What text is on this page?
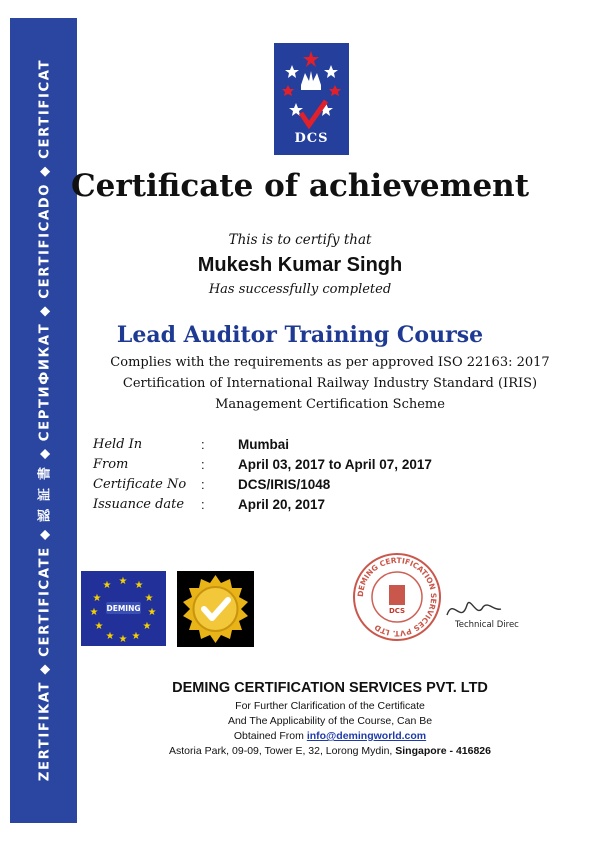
ZERTIFIKAT ◆ CERTIFICATE ◆ 認 証 書 ◆ СЕРТИФИКАТ ◆ CERTIFICADO ◆ CERTIFICAT	DCS
Certificate of achievement
This is to certify that
Mukesh Kumar Singh
Has successfully completed
Lead Auditor Training Course
Complies with the requirements as per approved ISO 22163: 2017
Certification of International Railway Industry Standard (IRIS)
Management Certification Scheme
Held In	:	Mumbai
From	:	April 03, 2017 to April 07, 2017
Certificate No	:	DCS/IRIS/1048
Issuance date	:	April 20, 2017
★ ★
★
★
★
★
★
★
★
★
★
★
DEMING
DEMING CERTIFICATION SERVICES PVT. LTD
DCS
Technical Direc
DEMING CERTIFICATION SERVICES PVT. LTD
For Further Clarification of the Certificate
And The Applicability of the Course, Can Be
Obtained From info@demingworld.com
Astoria Park, 09-09, Tower E, 32, Lorong Mydin, Singapore - 416826
